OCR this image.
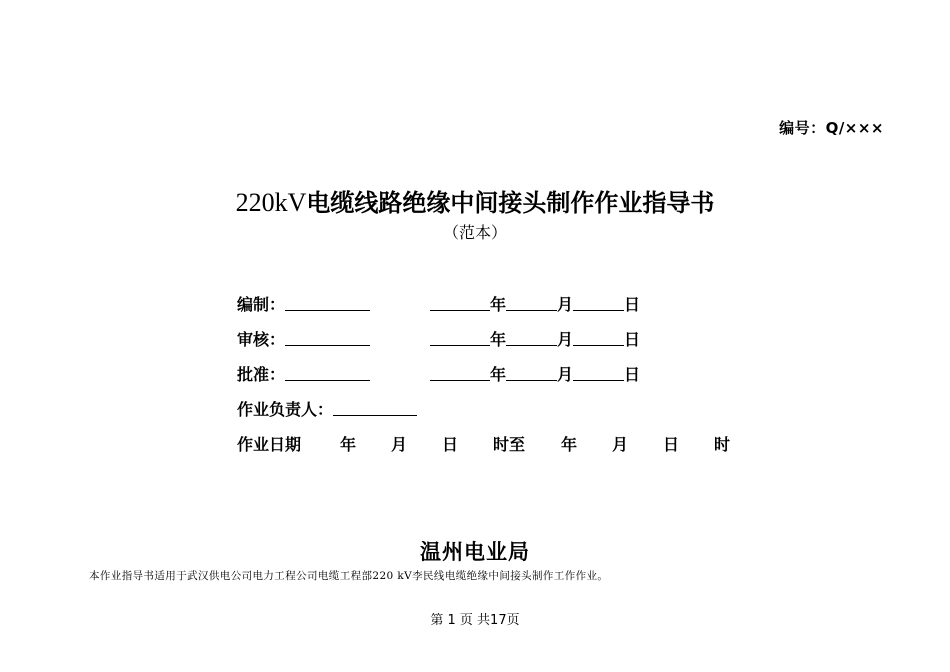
编号：Q/×××
220kV电缆线路绝缘中间接头制作作业指导书
（范本）
编制：	年	月	日
审核：	年	月	日
批准：	年	月	日
作业负责人：
作业日期	年	月	日	时至	年	月	日	时
温州电业局
本作业指导书适用于武汉供电公司电力工程公司电缆工程部220 kV李民线电缆绝缘中间接头制作工作作业。
第 1 页 共17页
